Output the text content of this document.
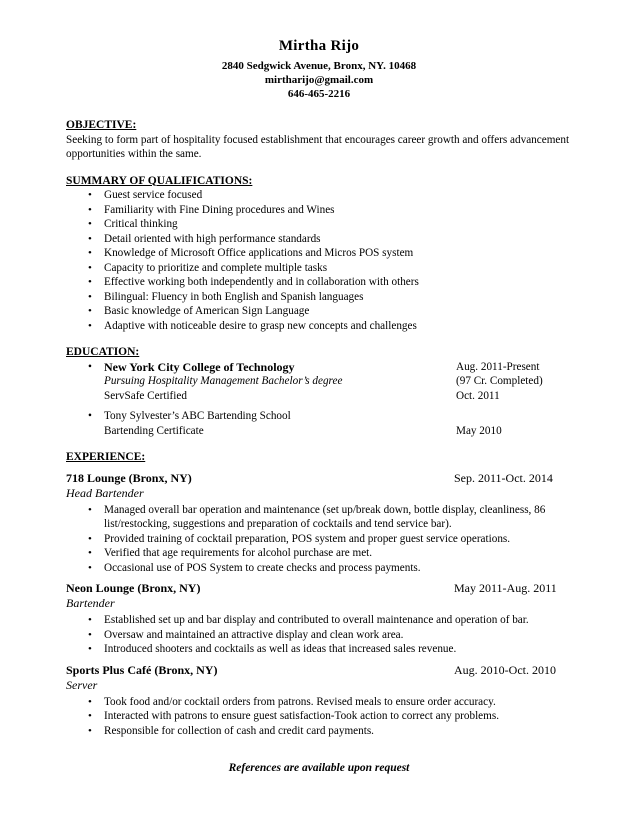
Mirtha Rijo
2840 Sedgwick Avenue, Bronx, NY. 10468
mirtharijo@gmail.com
646-465-2216
OBJECTIVE:
Seeking to form part of hospitality focused establishment that encourages career growth and offers advancement opportunities within the same.
SUMMARY OF QUALIFICATIONS:
• Guest service focused
• Familiarity with Fine Dining procedures and Wines
• Critical thinking
• Detail oriented with high performance standards
• Knowledge of Microsoft Office applications and Micros POS system
• Capacity to prioritize and complete multiple tasks
• Effective working both independently and in collaboration with others
• Bilingual: Fluency in both English and Spanish languages
• Basic knowledge of American Sign Language
• Adaptive with noticeable desire to grasp new concepts and challenges
EDUCATION:
• New York City College of Technology	Aug. 2011-Present
Pursuing Hospitality Management Bachelor’s degree	(97 Cr. Completed)
ServSafe Certified	Oct. 2011
• Tony Sylvester’s ABC Bartending School
Bartending Certificate	May 2010
EXPERIENCE:
718 Lounge (Bronx, NY)	Sep. 2011-Oct. 2014
Head Bartender
• Managed overall bar operation and maintenance (set up/break down, bottle display, cleanliness, 86 list/restocking, suggestions and preparation of cocktails and tend service bar).
• Provided training of cocktail preparation, POS system and proper guest service operations.
• Verified that age requirements for alcohol purchase are met.
• Occasional use of POS System to create checks and process payments.
Neon Lounge (Bronx, NY)	May 2011-Aug. 2011
Bartender
• Established set up and bar display and contributed to overall maintenance and operation of bar.
• Oversaw and maintained an attractive display and clean work area.
• Introduced shooters and cocktails as well as ideas that increased sales revenue.
Sports Plus Café (Bronx, NY)	Aug. 2010-Oct. 2010
Server
• Took food and/or cocktail orders from patrons. Revised meals to ensure order accuracy.
• Interacted with patrons to ensure guest satisfaction-Took action to correct any problems.
• Responsible for collection of cash and credit card payments.
References are available upon request
